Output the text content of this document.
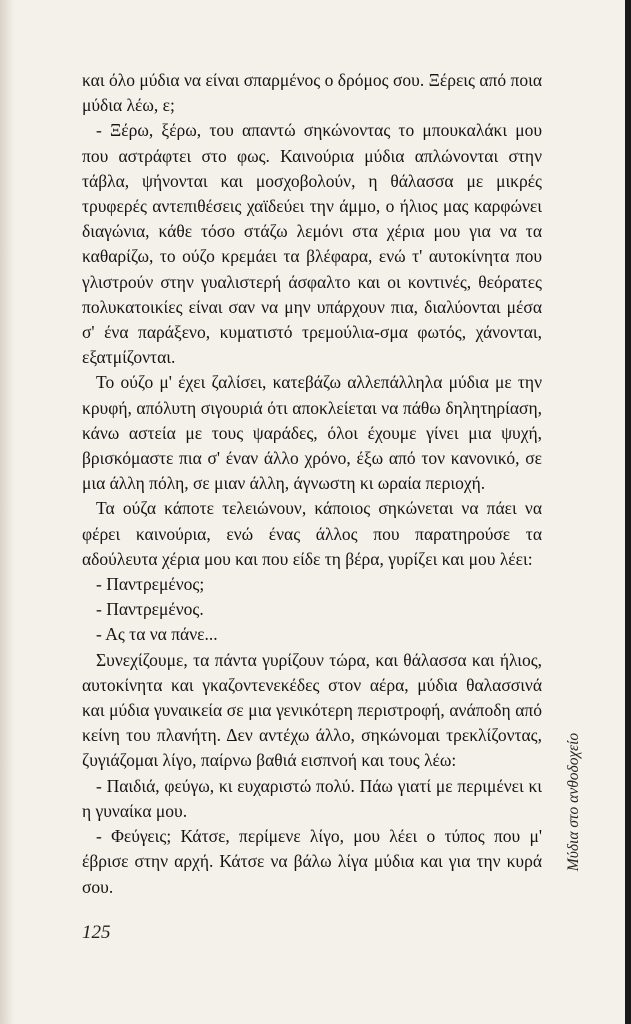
και όλο μύδια να είναι σπαρμένος ο δρόμος σου. Ξέρεις από ποια μύδια λέω, ε;

- Ξέρω, ξέρω, του απαντώ σηκώνοντας το μπουκαλάκι μου που αστράφτει στο φως. Καινούρια μύδια απλώνονται στην τάβλα, ψήνονται και μοσχοβολούν, η θάλασσα με μικρές τρυφερές αντεπιθέσεις χαϊδεύει την άμμο, ο ήλιος μας καρφώνει διαγώνια, κάθε τόσο στάζω λεμόνι στα χέρια μου για να τα καθαρίζω, το ούζο κρεμάει τα βλέφαρα, ενώ τ' αυτοκίνητα που γλιστρούν στην γυαλιστερή άσφαλτο και οι κοντινές, θεόρατες πολυκατοικίες είναι σαν να μην υπάρχουν πια, διαλύονται μέσα σ' ένα παράξενο, κυματιστό τρεμούλια-σμα φωτός, χάνονται, εξατμίζονται.

Το ούζο μ' έχει ζαλίσει, κατεβάζω αλλεπάλληλα μύδια με την κρυφή, απόλυτη σιγουριά ότι αποκλείεται να πάθω δηλητηρίαση, κάνω αστεία με τους ψαράδες, όλοι έχουμε γίνει μια ψυχή, βρισκόμαστε πια σ' έναν άλλο χρόνο, έξω από τον κανονικό, σε μια άλλη πόλη, σε μιαν άλλη, άγνωστη κι ωραία περιοχή.

Τα ούζα κάποτε τελειώνουν, κάποιος σηκώνεται να πάει να φέρει καινούρια, ενώ ένας άλλος που παρατηρούσε τα αδούλευτα χέρια μου και που είδε τη βέρα, γυρίζει και μου λέει:

- Παντρεμένος;

- Παντρεμένος.

- Ας τα να πάνε...

Συνεχίζουμε, τα πάντα γυρίζουν τώρα, και θάλασσα και ήλιος, αυτοκίνητα και γκαζοντενεκέδες στον αέρα, μύδια θαλασσινά και μύδια γυναικεία σε μια γενικότερη περιστροφή, ανάποδη από κείνη του πλανήτη. Δεν αντέχω άλλο, σηκώνομαι τρεκλίζοντας, ζυγιάζομαι λίγο, παίρνω βαθιά εισπνοή και τους λέω:

- Παιδιά, φεύγω, κι ευχαριστώ πολύ. Πάω γιατί με περιμένει κι η γυναίκα μου.

- Φεύγεις; Κάτσε, περίμενε λίγο, μου λέει ο τύπος που μ' έβρισε στην αρχή. Κάτσε να βάλω λίγα μύδια και για την κυρά σου.

125
Μύδια στο ανθοδοχείο
